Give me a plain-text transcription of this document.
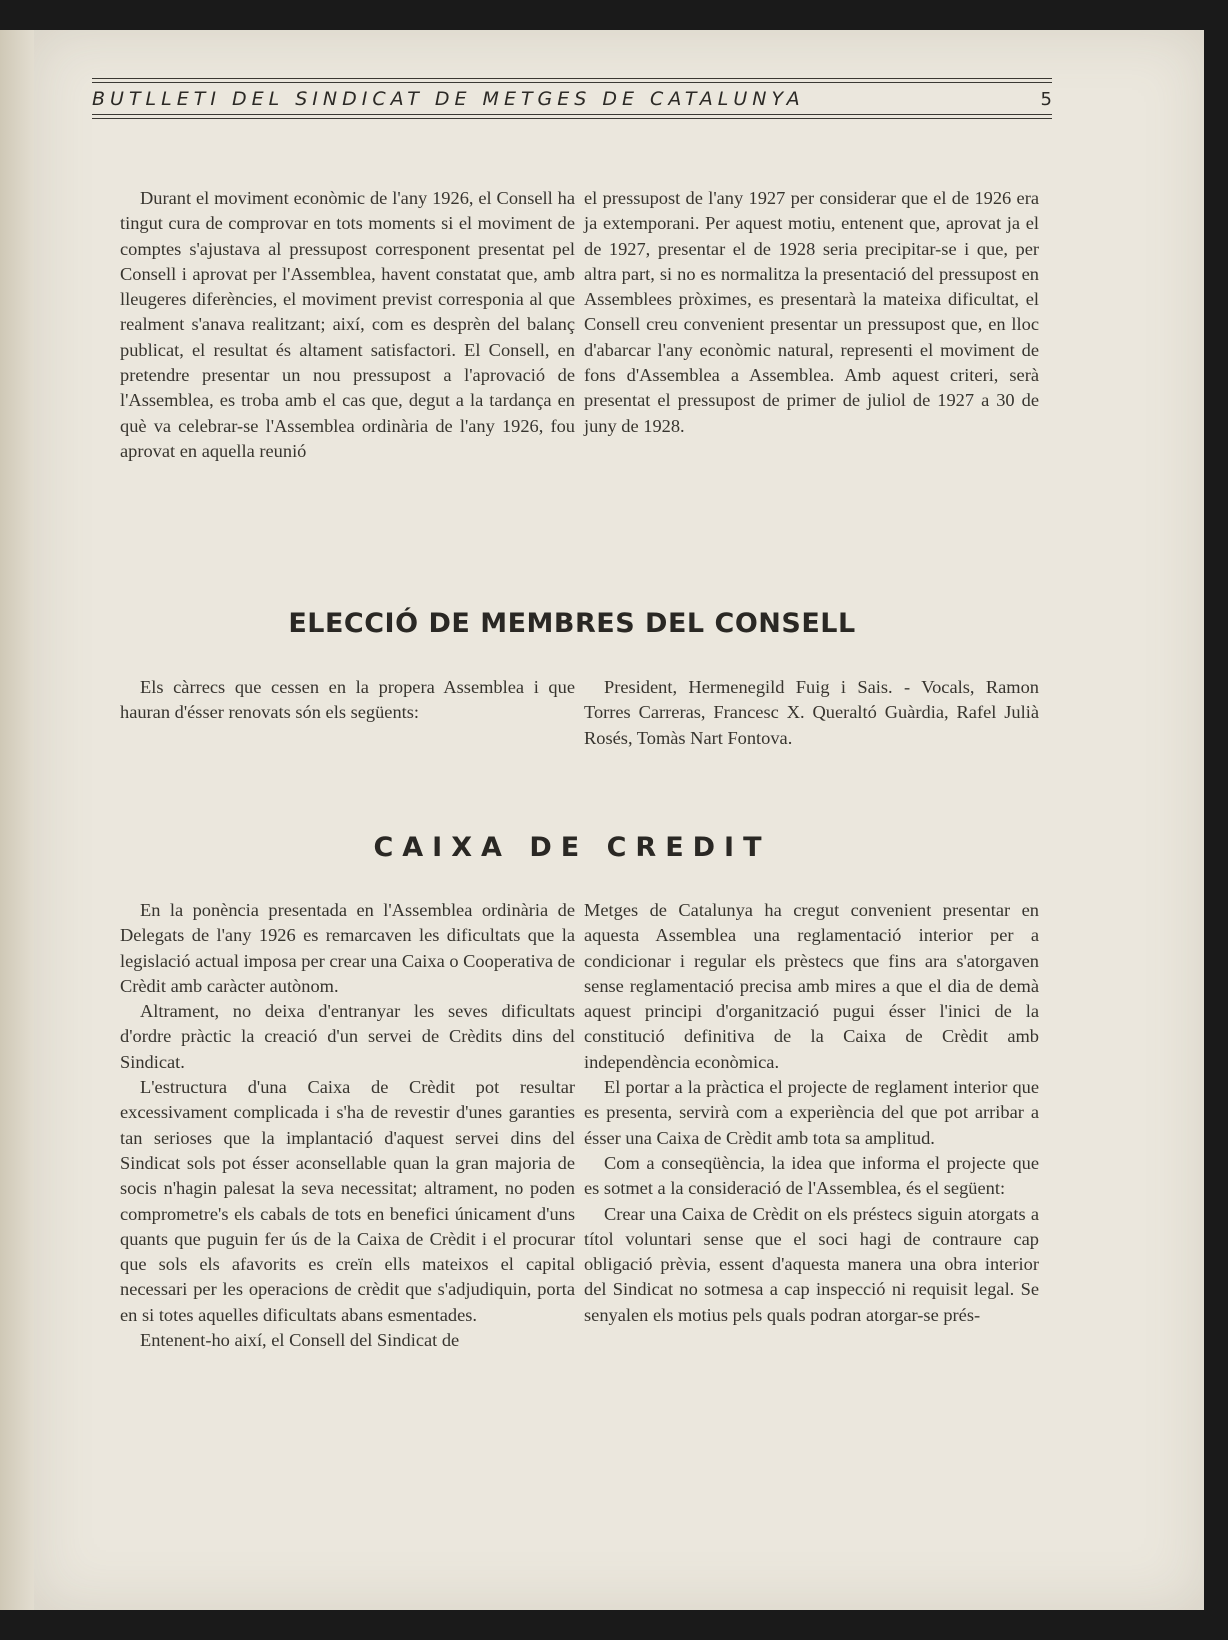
BUTLLETI DEL SINDICAT DE METGES DE CATALUNYA	5

Durant el moviment econòmic de l'any 1926, el Consell ha tingut cura de comprovar en tots moments si el moviment de comptes s'ajustava al pressupost corresponent presentat pel Consell i aprovat per l'Assemblea, havent constatat que, amb lleugeres diferències, el moviment previst corresponia al que realment s'anava realitzant; així, com es desprèn del balanç publicat, el resultat és altament satisfactori. El Consell, en pretendre presentar un nou pressupost a l'aprovació de l'Assemblea, es troba amb el cas que, degut a la tardança en què va celebrar-se l'Assemblea ordinària de l'any 1926, fou aprovat en aquella reunió

el pressupost de l'any 1927 per considerar que el de 1926 era ja extemporani. Per aquest motiu, entenent que, aprovat ja el de 1927, presentar el de 1928 seria precipitar-se i que, per altra part, si no es normalitza la presentació del pressupost en Assemblees pròximes, es presentarà la mateixa dificultat, el Consell creu convenient presentar un pressupost que, en lloc d'abarcar l'any econòmic natural, representi el moviment de fons d'Assemblea a Assemblea. Amb aquest criteri, serà presentat el pressupost de primer de juliol de 1927 a 30 de juny de 1928.

ELECCIÓ DE MEMBRES DEL CONSELL

Els càrrecs que cessen en la propera Assemblea i que hauran d'ésser renovats són els següents:

President, Hermenegild Fuig i Sais. - Vocals, Ramon Torres Carreras, Francesc X. Queraltó Guàrdia, Rafel Julià Rosés, Tomàs Nart Fontova.

CAIXA DE CREDIT

En la ponència presentada en l'Assemblea ordinària de Delegats de l'any 1926 es remarcaven les dificultats que la legislació actual imposa per crear una Caixa o Cooperativa de Crèdit amb caràcter autònom.

Altrament, no deixa d'entranyar les seves dificultats d'ordre pràctic la creació d'un servei de Crèdits dins del Sindicat.

L'estructura d'una Caixa de Crèdit pot resultar excessivament complicada i s'ha de revestir d'unes garanties tan serioses que la implantació d'aquest servei dins del Sindicat sols pot ésser aconsellable quan la gran majoria de socis n'hagin palesat la seva necessitat; altrament, no poden comprometre's els cabals de tots en benefici únicament d'uns quants que puguin fer ús de la Caixa de Crèdit i el procurar que sols els afavorits es creïn ells mateixos el capital necessari per les operacions de crèdit que s'adjudiquin, porta en si totes aquelles dificultats abans esmentades.

Entenent-ho així, el Consell del Sindicat de

Metges de Catalunya ha cregut convenient presentar en aquesta Assemblea una reglamentació interior per a condicionar i regular els prèstecs que fins ara s'atorgaven sense reglamentació precisa amb mires a que el dia de demà aquest principi d'organització pugui ésser l'inici de la constitució definitiva de la Caixa de Crèdit amb independència econòmica.

El portar a la pràctica el projecte de reglament interior que es presenta, servirà com a experiència del que pot arribar a ésser una Caixa de Crèdit amb tota sa amplitud.

Com a conseqüència, la idea que informa el projecte que es sotmet a la consideració de l'Assemblea, és el següent:

Crear una Caixa de Crèdit on els préstecs siguin atorgats a títol voluntari sense que el soci hagi de contraure cap obligació prèvia, essent d'aquesta manera una obra interior del Sindicat no sotmesa a cap inspecció ni requisit legal. Se senyalen els motius pels quals podran atorgar-se prés-
